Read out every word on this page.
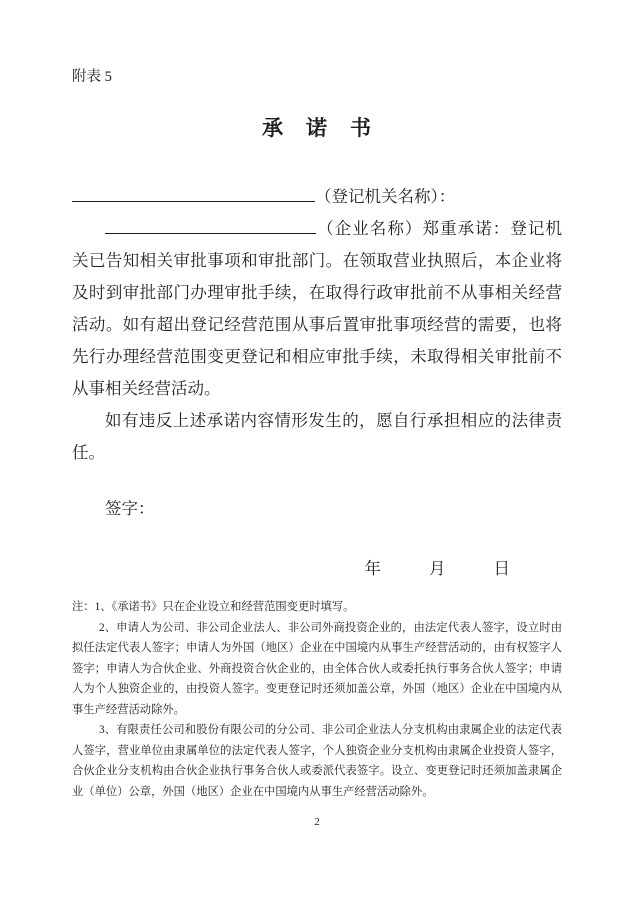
附表 5
承　诺　书
（登记机关名称）：

（企业名称）郑重承诺：登记机关已告知相关审批事项和审批部门。在领取营业执照后，本企业将及时到审批部门办理审批手续，在取得行政审批前不从事相关经营活动。如有超出登记经营范围从事后置审批事项经营的需要，也将先行办理经营范围变更登记和相应审批手续，未取得相关审批前不从事相关经营活动。

如有违反上述承诺内容情形发生的，愿自行承担相应的法律责任。

签字：

年	月	日

注：1、《承诺书》只在企业设立和经营范围变更时填写。

2、申请人为公司、非公司企业法人、非公司外商投资企业的，由法定代表人签字，设立时由拟任法定代表人签字；申请人为外国（地区）企业在中国境内从事生产经营活动的，由有权签字人签字；申请人为合伙企业、外商投资合伙企业的，由全体合伙人或委托执行事务合伙人签字；申请人为个人独资企业的，由投资人签字。变更登记时还须加盖公章，外国（地区）企业在中国境内从事生产经营活动除外。

3、有限责任公司和股份有限公司的分公司、非公司企业法人分支机构由隶属企业的法定代表人签字，营业单位由隶属单位的法定代表人签字，个人独资企业分支机构由隶属企业投资人签字，合伙企业分支机构由合伙企业执行事务合伙人或委派代表签字。设立、变更登记时还须加盖隶属企业（单位）公章，外国（地区）企业在中国境内从事生产经营活动除外。

2
